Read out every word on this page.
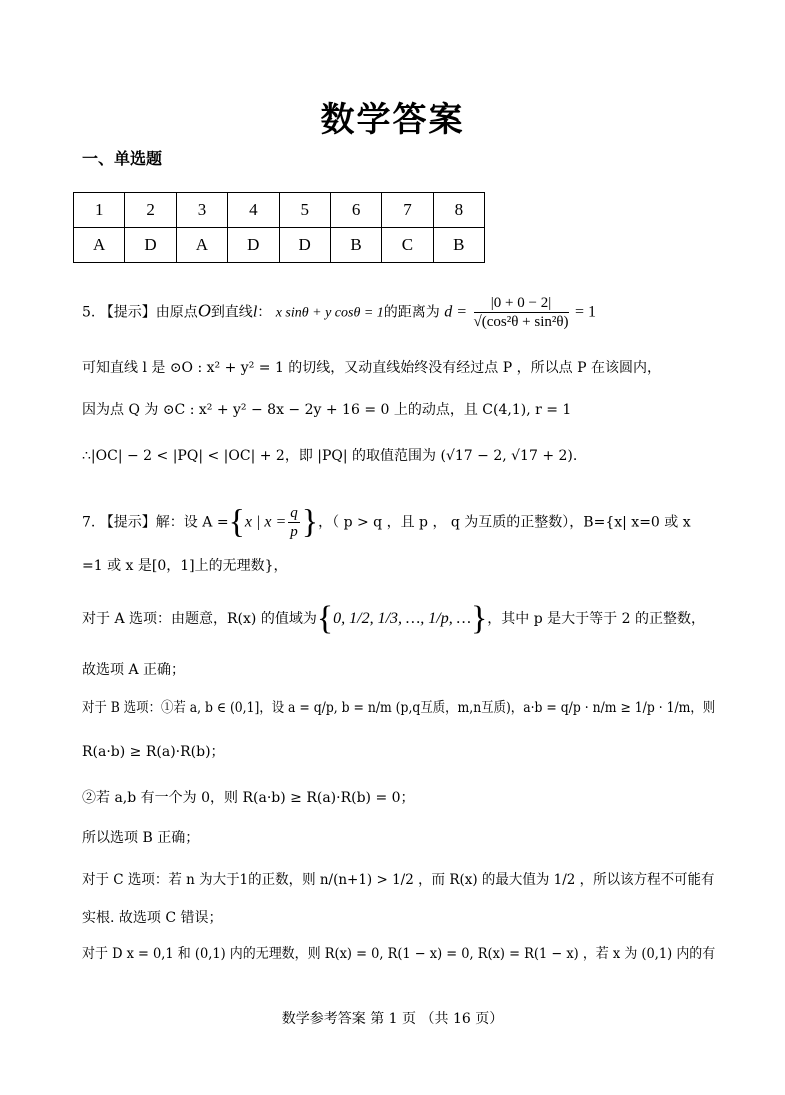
数学答案
一、单选题
1	2	3	4	5	6	7	8
A	D	A	D	D	B	C	B
5. 【提示】由原点O到直线l： x sinθ + y cosθ = 1的距离为 $d = \frac{|0 + 0 - 2|}{\text{√(cos²θ + sin²θ)}} = 1$
可知直线 l 是 ⊙O : x² + y² = 1 的切线，又动直线始终没有经过点 P ，所以点 P 在该圆内，
因为点 Q 为 ⊙C : x² + y² − 8x − 2y + 16 = 0 上的动点，且 C(4,1), r = 1
∴|OC| − 2 < |PQ| < |OC| + 2，即 |PQ| 的取值范围为 (√17 − 2, √17 + 2).
7. 【提示】解：设 A ={x | $x = \frac{q}{p}$ }，（ p > q ，且 p ， q 为互质的正整数），B={x| x=0 或 x
=1 或 x 是[0，1]上的无理数}，
对于 A 选项：由题意，R(x) 的值域为{0, 1/2, 1/3, …, 1/p, …}，其中 p 是大于等于 2 的正整数，
故选项 A 正确；
对于 B 选项：①若 a, b ∈ (0,1]，设 a = q/p, b = n/m (p,q互质，m,n互质)，a·b = q/p · n/m ≥ 1/p · 1/m，则
R(a·b) ≥ R(a)·R(b)；
②若 a,b 有一个为 0，则 R(a·b) ≥ R(a)·R(b) = 0；
所以选项 B 正确；
对于 C 选项：若 n 为大于1的正数，则 n/(n+1) > 1/2 ，而 R(x) 的最大值为 1/2 ，所以该方程不可能有
实根. 故选项 C 错误；
对于 D x = 0,1 和 (0,1) 内的无理数，则 R(x) = 0, R(1 − x) = 0, R(x) = R(1 − x) ，若 x 为 (0,1) 内的有
数学参考答案 第 1 页 （共 16 页）
